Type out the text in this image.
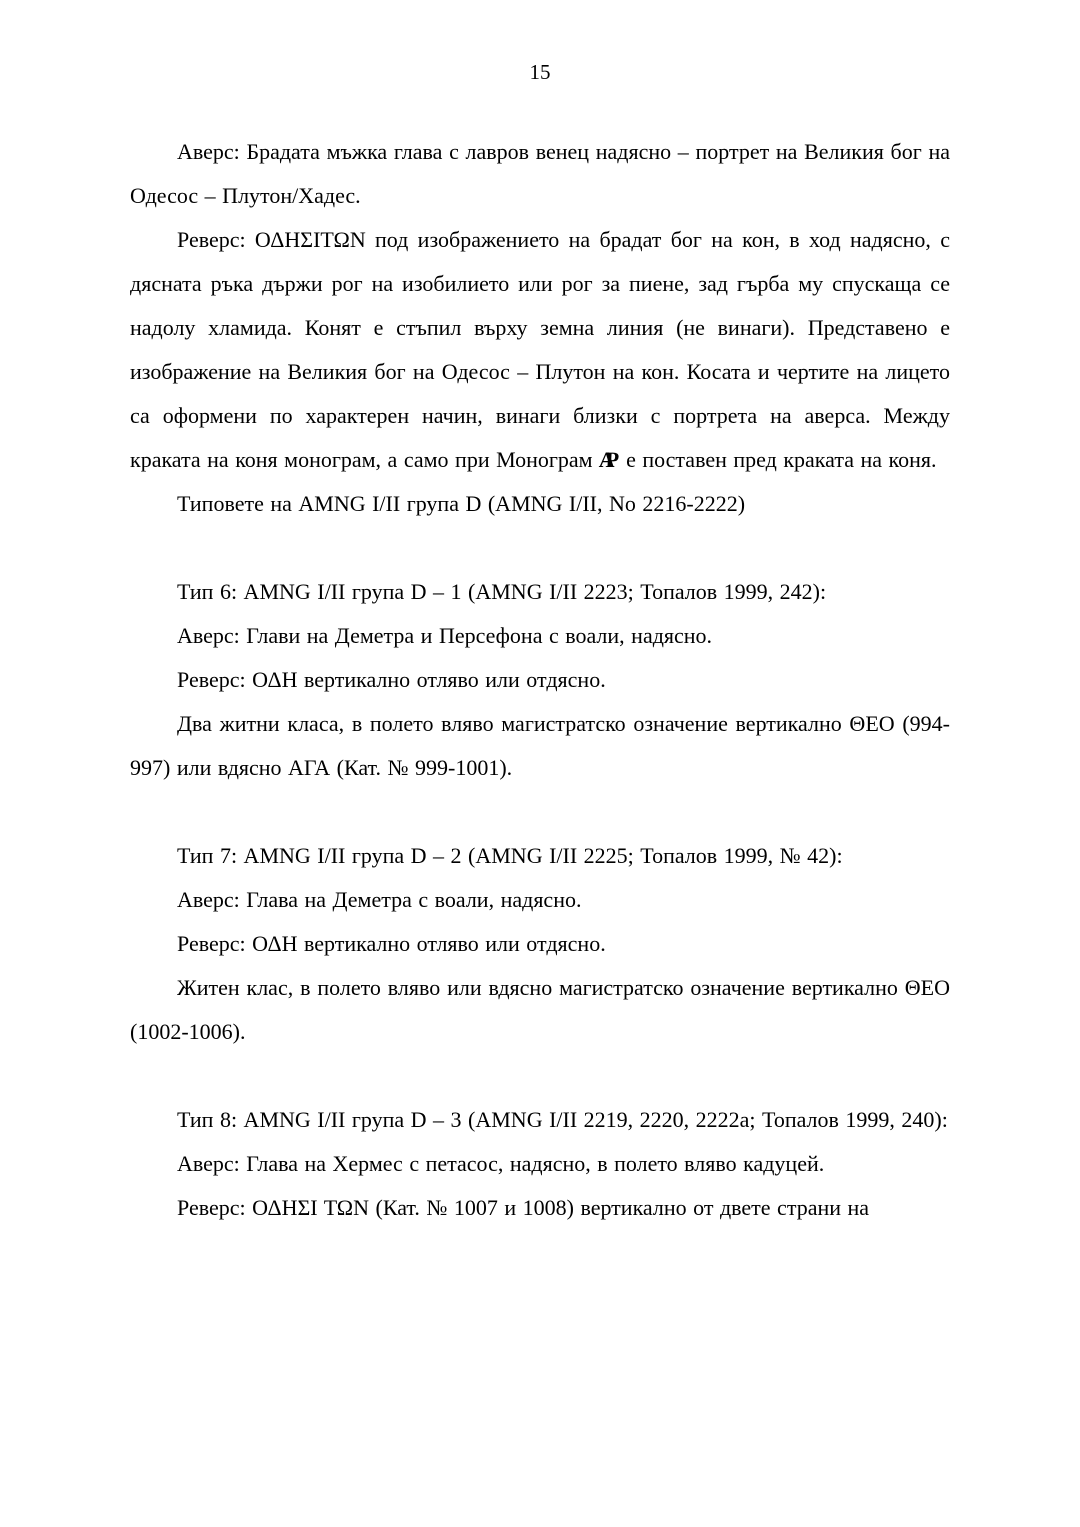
15

Аверс: Брадата мъжка глава с лавров венец надясно – портрет на Великия бог на Одесос – Плутон/Хадес.

Реверс: ΟΔΗΣΙΤΩΝ под изображението на брадат бог на кон, в ход надясно, с дясната ръка държи рог на изобилието или рог за пиене, зад гърба му спускаща се надолу хламида. Конят е стъпил върху земна линия (не винаги). Представено е изображение на Великия бог на Одесос – Плутон на кон. Косата и чертите на лицето са оформени по характерен начин, винаги близки с портрета на аверса. Между краката на коня монограм, а само при Монограм ΑΡ е поставен пред краката на коня.

Типовете на AMNG I/II група D (AMNG I/II, No 2216-2222)

Тип 6: AMNG I/II група D – 1 (AMNG I/II 2223; Топалов 1999, 242):

Аверс: Глави на Деметра и Персефона с воали, надясно.

Реверс: ΟΔΗ вертикално отляво или отдясно.

Два житни класа, в полето вляво магистратско означение вертикално ΘΕΟ (994-997) или вдясно АГА (Кат. № 999-1001).

Тип 7: AMNG I/II група D – 2 (AMNG I/II 2225; Топалов 1999, № 42):

Аверс: Глава на Деметра с воали, надясно.

Реверс: ΟΔΗ вертикално отляво или отдясно.

Житен клас, в полето вляво или вдясно магистратско означение вертикално ΘΕΟ (1002-1006).

Тип 8: AMNG I/II група D – 3 (AMNG I/II 2219, 2220, 2222a; Топалов 1999, 240):

Аверс: Глава на Хермес с петасос, надясно, в полето вляво кадуцей.

Реверс: ΟΔΗΣΙ ΤΩΝ (Кат. № 1007 и 1008) вертикално от двете страни на
